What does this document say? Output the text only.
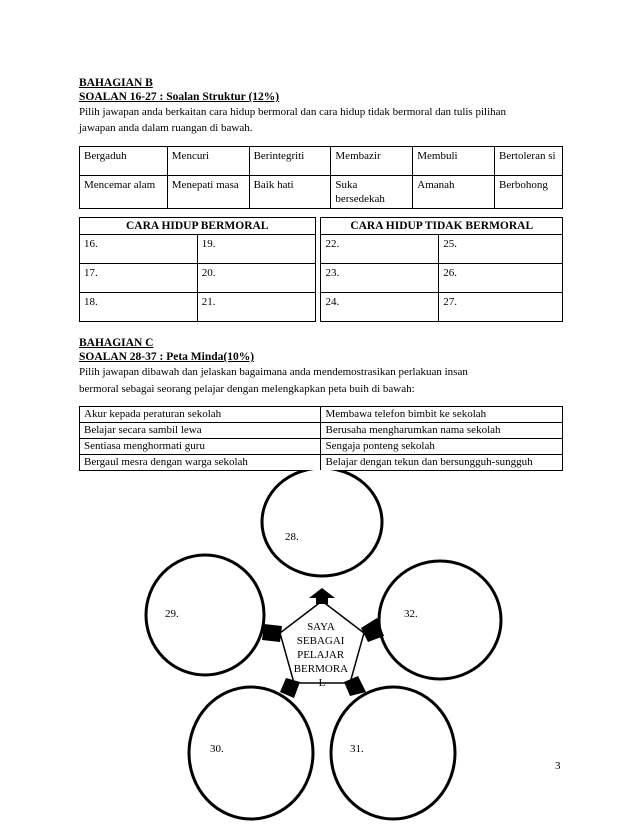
BAHAGIAN B
SOALAN 16-27 : Soalan Struktur (12%)
Pilih jawapan anda berkaitan cara hidup bermoral dan cara hidup tidak bermoral dan tulis pilihan
jawapan anda dalam ruangan di bawah.
Bergaduh	Mencuri	Berintegriti	Membazir	Membuli	Bertoleran si
Mencemar alam	Menepati masa	Baik hati	Suka bersedekah	Amanah	Berbohong
CARA HIDUP BERMORAL			CARA HIDUP TIDAK BERMORAL	
16.	19.		22.	25.
17.	20.		23.	26.
18.	21.		24.	27.
BAHAGIAN C
SOALAN 28-37 : Peta Minda(10%)
Pilih jawapan dibawah dan jelaskan bagaimana anda mendemostrasikan perlakuan insan
bermoral sebagai seorang pelajar dengan melengkapkan peta buih di bawah:
Akur kepada peraturan sekolah	Membawa telefon bimbit ke sekolah
Belajar secara sambil lewa	Berusaha mengharumkan nama sekolah
Sentiasa menghormati guru	Sengaja ponteng sekolah
Bergaul mesra dengan warga sekolah	Belajar dengan tekun dan bersungguh-sungguh
28.
32.
31.
30.
29.
SAYA SEBAGAI PELAJAR BERMORA L
3
